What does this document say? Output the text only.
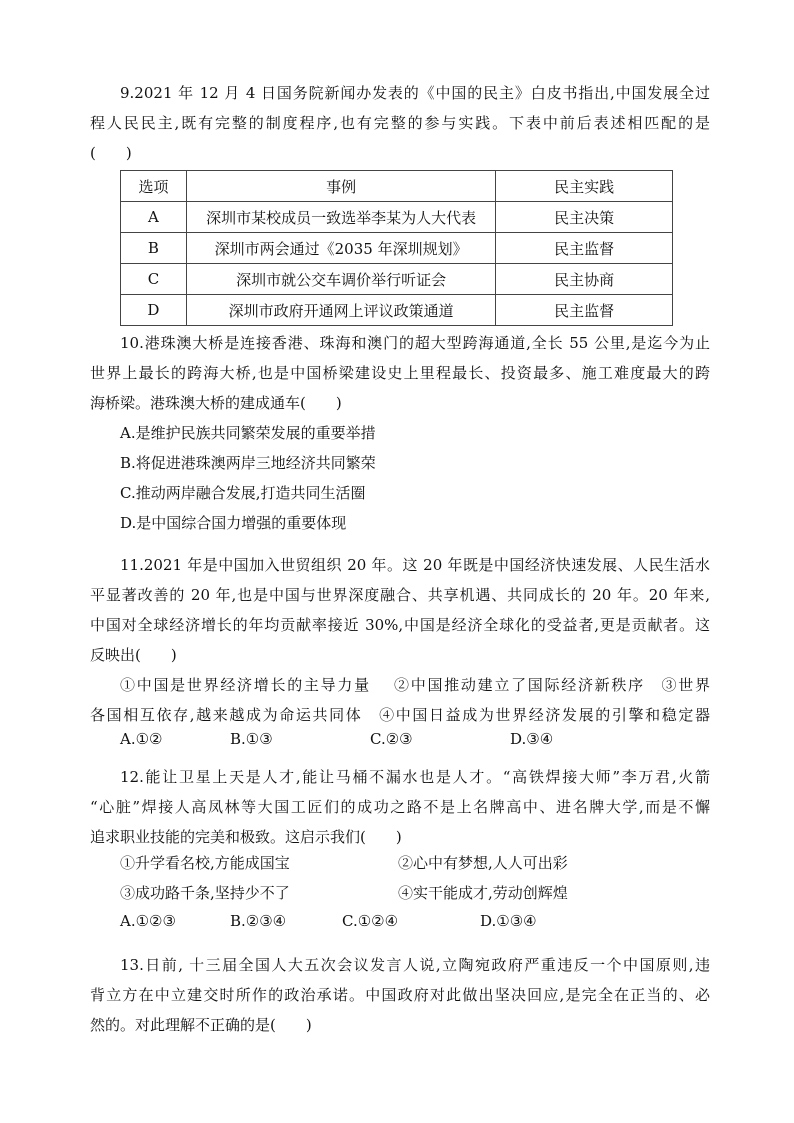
9.2021 年 12 月 4 日国务院新闻办发表的《中国的民主》白皮书指出,中国发展全过
程人民民主,既有完整的制度程序,也有完整的参与实践。下表中前后表述相匹配的是
(　　)
选项	事例	民主实践
A	深圳市某校成员一致选举李某为人大代表	民主决策
B	深圳市两会通过《2035 年深圳规划》	民主监督
C	深圳市就公交车调价举行听证会	民主协商
D	深圳市政府开通网上评议政策通道	民主监督
10.港珠澳大桥是连接香港、珠海和澳门的超大型跨海通道,全长 55 公里,是迄今为止
世界上最长的跨海大桥,也是中国桥梁建设史上里程最长、投资最多、施工难度最大的跨
海桥梁。港珠澳大桥的建成通车(　　)
A.是维护民族共同繁荣发展的重要举措
B.将促进港珠澳两岸三地经济共同繁荣
C.推动两岸融合发展,打造共同生活圈
D.是中国综合国力增强的重要体现
11.2021 年是中国加入世贸组织 20 年。这 20 年既是中国经济快速发展、人民生活水
平显著改善的 20 年,也是中国与世界深度融合、共享机遇、共同成长的 20 年。20 年来,
中国对全球经济增长的年均贡献率接近 30%,中国是经济全球化的受益者,更是贡献者。这
反映出(　　)
①中国是世界经济增长的主导力量　 ②中国推动建立了国际经济新秩序　③世界
各国相互依存,越来越成为命运共同体　④中国日益成为世界经济发展的引擎和稳定器
A.①②	B.①③	C.②③	D.③④
12.能让卫星上天是人才,能让马桶不漏水也是人才。“高铁焊接大师”李万君,火箭
“心脏”焊接人高凤林等大国工匠们的成功之路不是上名牌高中、进名牌大学,而是不懈
追求职业技能的完美和极致。这启示我们(　　)
①升学看名校,方能成国宝	②心中有梦想,人人可出彩
③成功路千条,坚持少不了	④实干能成才,劳动创辉煌
A.①②③	B.②③④	C.①②④	D.①③④
13.日前, 十三届全国人大五次会议发言人说,立陶宛政府严重违反一个中国原则,违
背立方在中立建交时所作的政治承诺。中国政府对此做出坚决回应,是完全在正当的、必
然的。对此理解不正确的是(　　)
